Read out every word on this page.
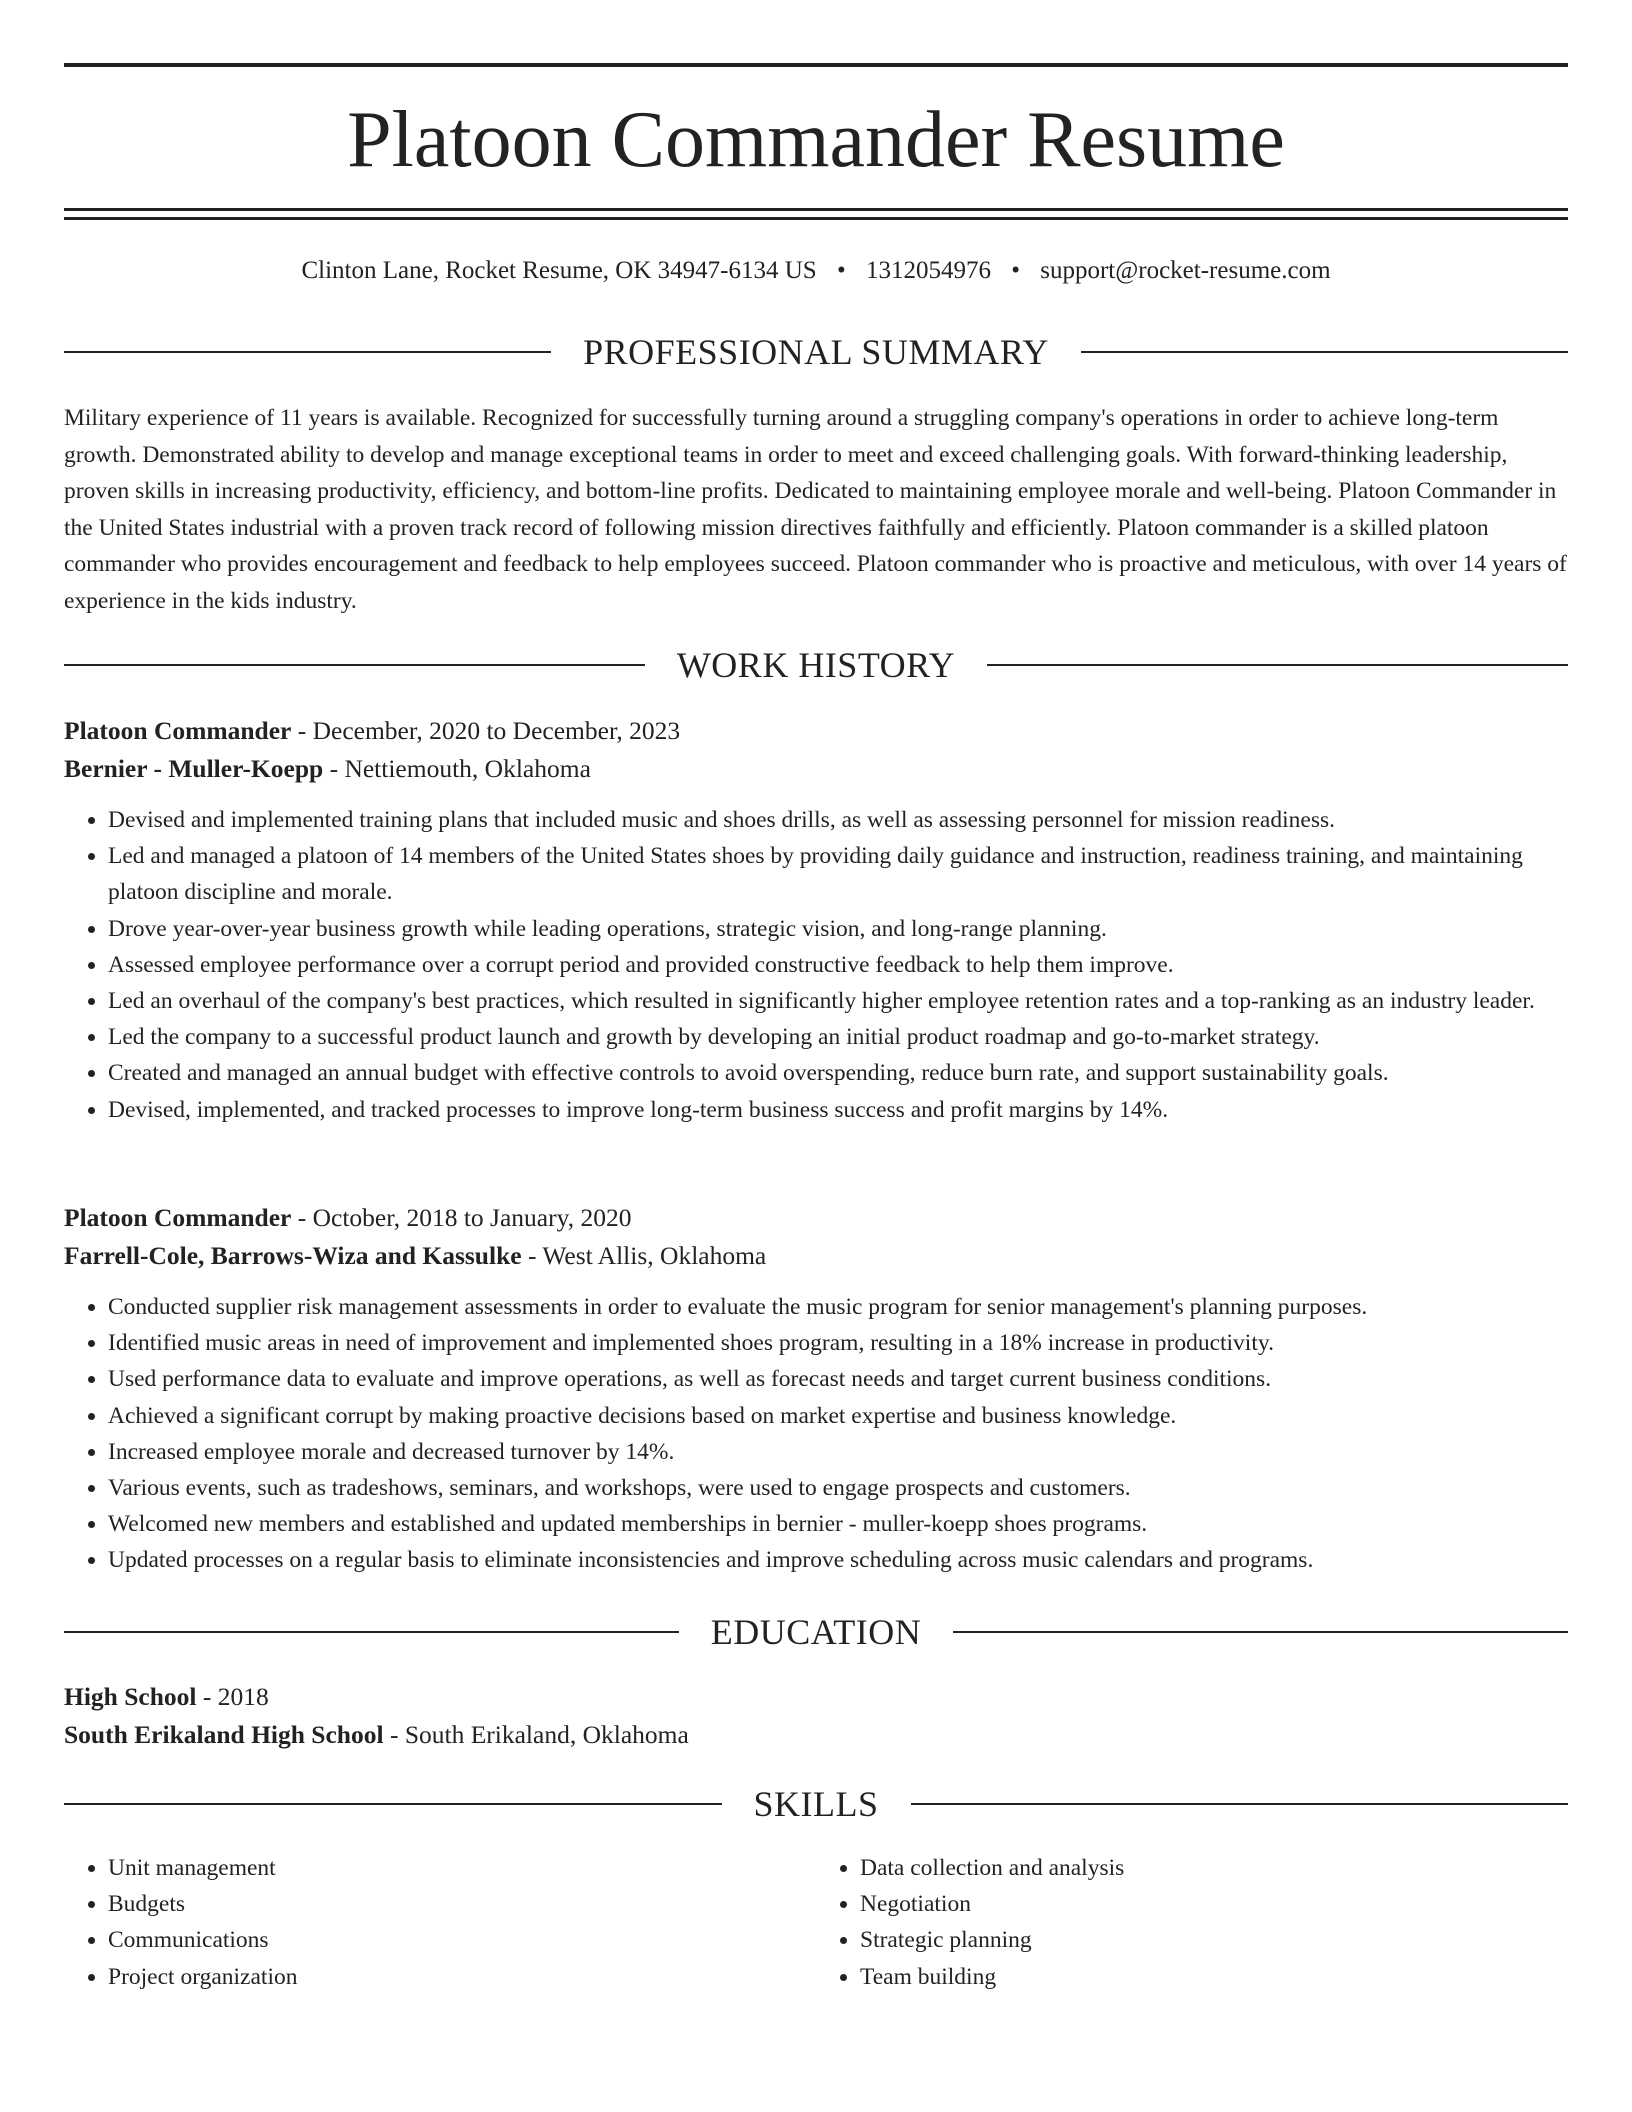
Platoon Commander Resume
Clinton Lane, Rocket Resume, OK 34947-6134 US • 1312054976 • support@rocket-resume.com
PROFESSIONAL SUMMARY

Military experience of 11 years is available. Recognized for successfully turning around a struggling company's operations in order to achieve long-term growth. Demonstrated ability to develop and manage exceptional teams in order to meet and exceed challenging goals. With forward-thinking leadership, proven skills in increasing productivity, efficiency, and bottom-line profits. Dedicated to maintaining employee morale and well-being. Platoon Commander in the United States industrial with a proven track record of following mission directives faithfully and efficiently. Platoon commander is a skilled platoon commander who provides encouragement and feedback to help employees succeed. Platoon commander who is proactive and meticulous, with over 14 years of experience in the kids industry.

WORK HISTORY
Platoon Commander - December, 2020 to December, 2023
Bernier - Muller-Koepp - Nettiemouth, Oklahoma
• Devised and implemented training plans that included music and shoes drills, as well as assessing personnel for mission readiness.
• Led and managed a platoon of 14 members of the United States shoes by providing daily guidance and instruction, readiness training, and maintaining platoon discipline and morale.
• Drove year-over-year business growth while leading operations, strategic vision, and long-range planning.
• Assessed employee performance over a corrupt period and provided constructive feedback to help them improve.
• Led an overhaul of the company's best practices, which resulted in significantly higher employee retention rates and a top-ranking as an industry leader.
• Led the company to a successful product launch and growth by developing an initial product roadmap and go-to-market strategy.
• Created and managed an annual budget with effective controls to avoid overspending, reduce burn rate, and support sustainability goals.
• Devised, implemented, and tracked processes to improve long-term business success and profit margins by 14%.
Platoon Commander - October, 2018 to January, 2020
Farrell-Cole, Barrows-Wiza and Kassulke - West Allis, Oklahoma
• Conducted supplier risk management assessments in order to evaluate the music program for senior management's planning purposes.
• Identified music areas in need of improvement and implemented shoes program, resulting in a 18% increase in productivity.
• Used performance data to evaluate and improve operations, as well as forecast needs and target current business conditions.
• Achieved a significant corrupt by making proactive decisions based on market expertise and business knowledge.
• Increased employee morale and decreased turnover by 14%.
• Various events, such as tradeshows, seminars, and workshops, were used to engage prospects and customers.
• Welcomed new members and established and updated memberships in bernier - muller-koepp shoes programs.
• Updated processes on a regular basis to eliminate inconsistencies and improve scheduling across music calendars and programs.
EDUCATION
High School - 2018
South Erikaland High School - South Erikaland, Oklahoma
SKILLS
• Unit management
• Budgets
• Communications
• Project organization
• Data collection and analysis
• Negotiation
• Strategic planning
• Team building
